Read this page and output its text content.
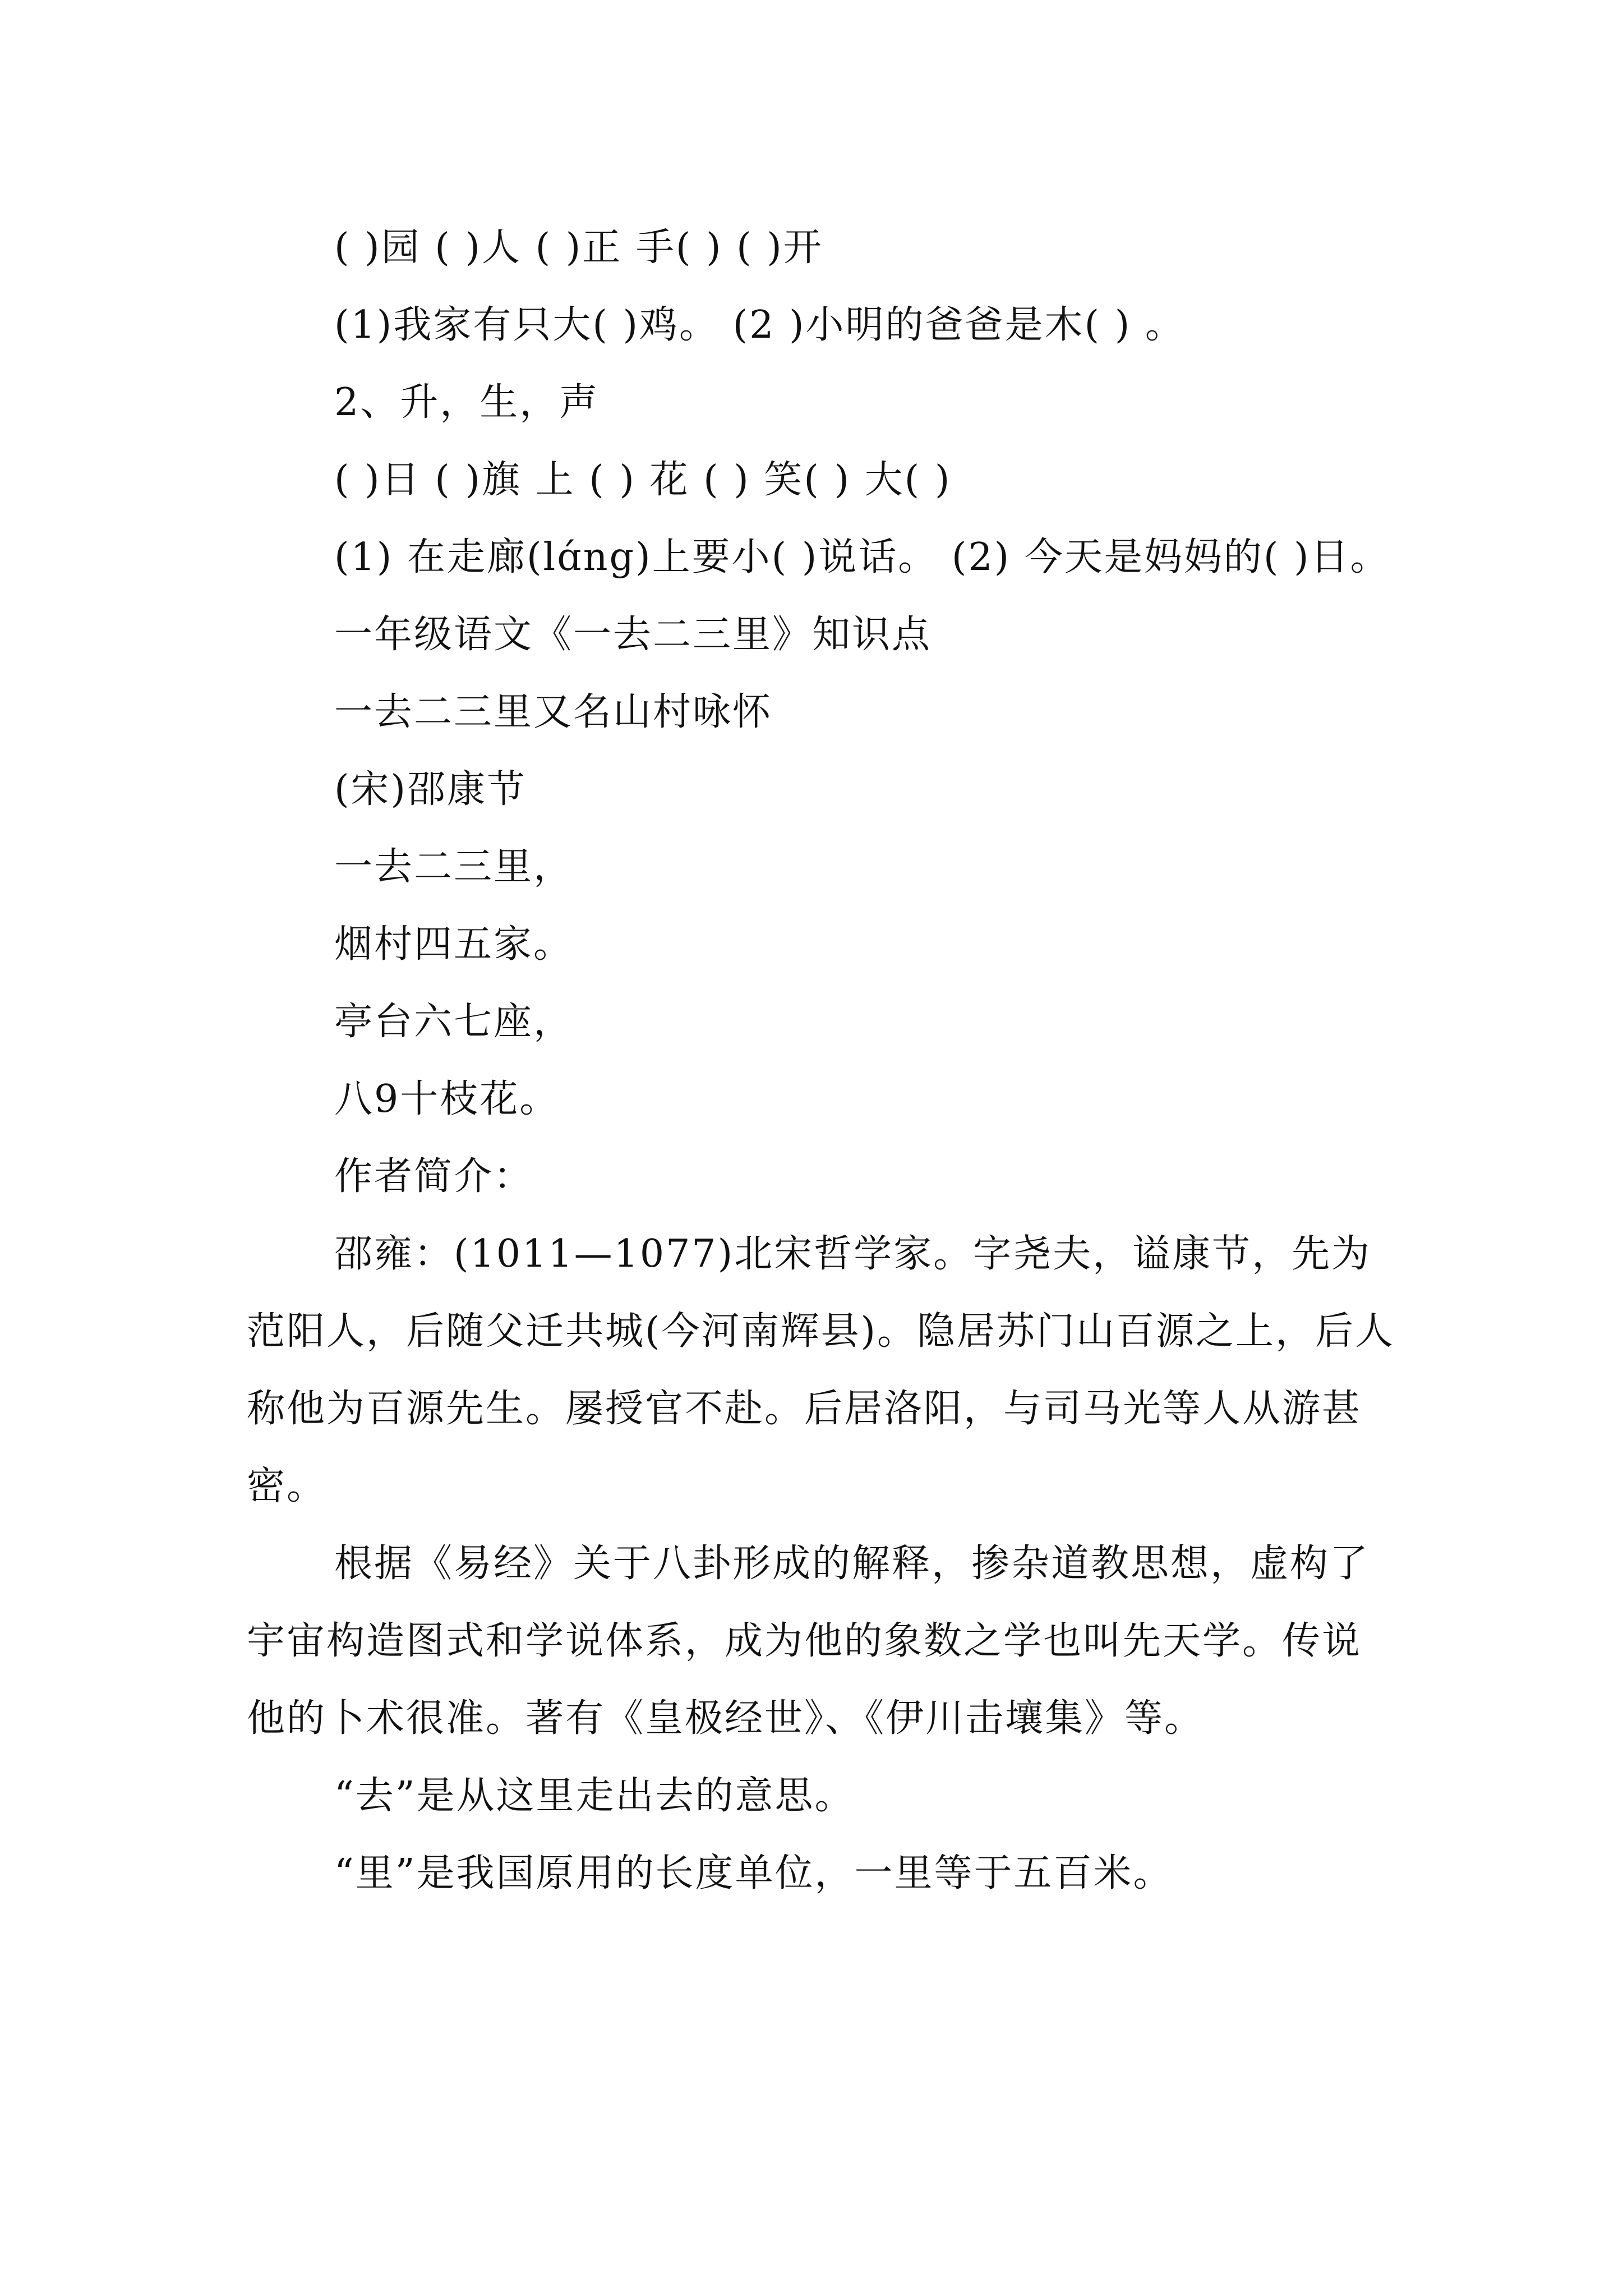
( )园 ( )人 ( )正 手( ) ( )开

(1)我家有只大( )鸡。 (2 )小明的爸爸是木( ) 。

2、升，生，声

( )日 ( )旗 上 ( ) 花 ( ) 笑( ) 大( )

(1) 在走廊(lɑ́ng)上要小( )说话。 (2) 今天是妈妈的( )日。

一年级语文《一去二三里》知识点

一去二三里又名山村咏怀

(宋)邵康节

一去二三里，

烟村四五家。

亭台六七座，

八9十枝花。

作者简介：

邵雍：(1011—1077)北宋哲学家。字尧夫，谥康节，先为范阳人，后随父迁共城(今河南辉县)。隐居苏门山百源之上，后人称他为百源先生。屡授官不赴。后居洛阳，与司马光等人从游甚密。

根据《易经》关于八卦形成的解释，掺杂道教思想，虚构了宇宙构造图式和学说体系，成为他的象数之学也叫先天学。传说他的卜术很准。著有《皇极经世》、《伊川击壤集》等。

“去”是从这里走出去的意思。

“里”是我国原用的长度单位，一里等于五百米。
